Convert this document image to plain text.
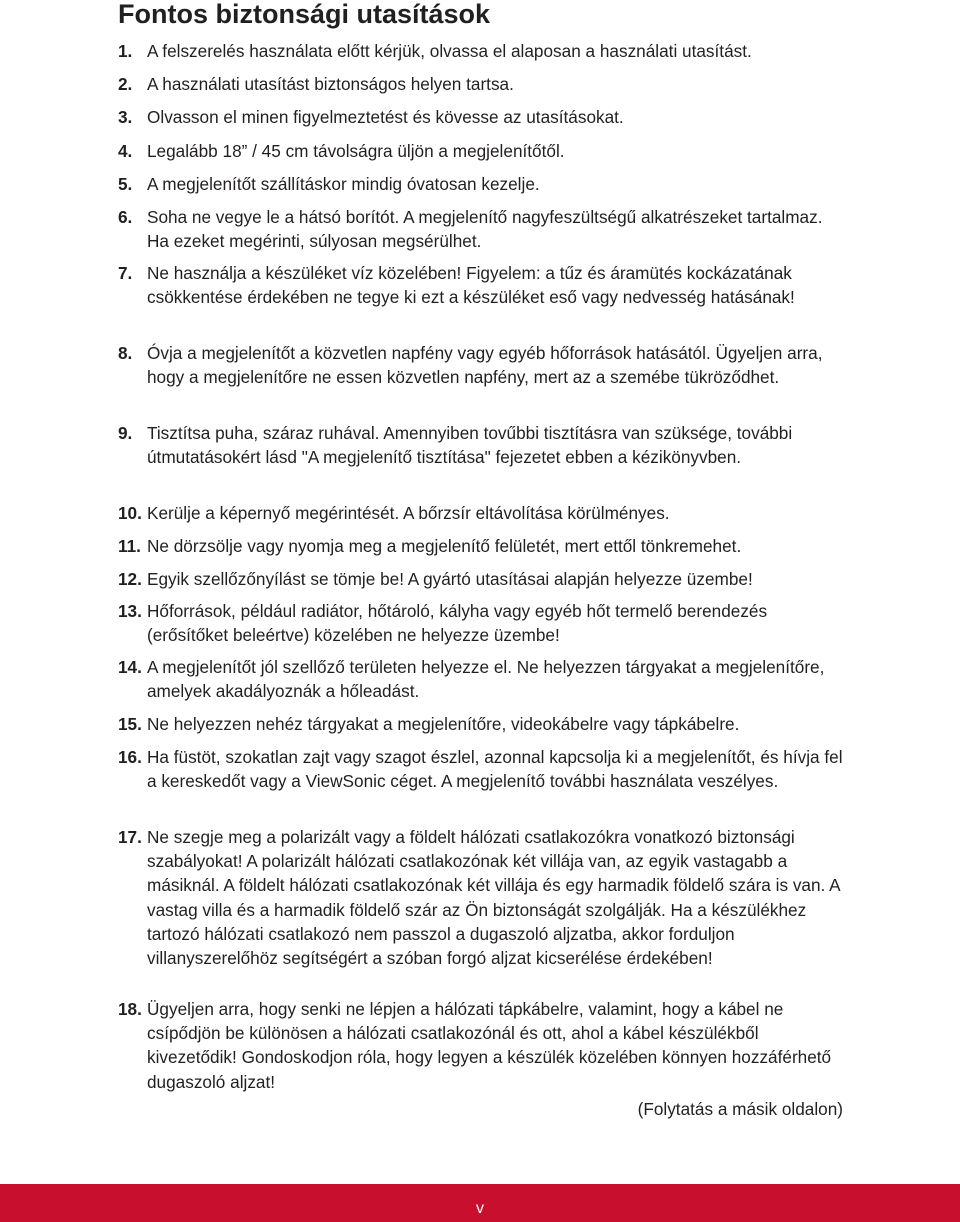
Fontos biztonsági utasítások
1. A felszerelés használata előtt kérjük, olvassa el alaposan a használati utasítást.
2. A használati utasítást biztonságos helyen tartsa.
3. Olvasson el minen figyelmeztetést és kövesse az utasításokat.
4. Legalább 18” / 45 cm távolságra üljön a megjelenítőtől.
5. A megjelenítőt szállításkor mindig óvatosan kezelje.
6. Soha ne vegye le a hátsó borítót. A megjelenítő nagyfeszültségű alkatrészeket tartalmaz. Ha ezeket megérinti, súlyosan megsérülhet.
7. Ne használja a készüléket víz közelében! Figyelem: a tűz és áramütés kockázatának csökkentése érdekében ne tegye ki ezt a készüléket eső vagy nedvesség hatásának!
8. Óvja a megjelenítőt a közvetlen napfény vagy egyéb hőforrások hatásától. Ügyeljen arra, hogy a megjelenítőre ne essen közvetlen napfény, mert az a szemébe tükröződhet.
9. Tisztítsa puha, száraz ruhával. Amennyiben tovűbbi tisztításra van szüksége, további útmutatásokért lásd "A megjelenítő tisztítása" fejezetet ebben a kézikönyvben.
10. Kerülje a képernyő megérintését. A bőrzsír eltávolítása körülményes.
11. Ne dörzsölje vagy nyomja meg a megjelenítő felületét, mert ettől tönkremehet.
12. Egyik szellőzőnyílást se tömje be! A gyártó utasításai alapján helyezze üzembe!
13. Hőforrások, például radiátor, hőtároló, kályha vagy egyéb hőt termelő berendezés (erősítőket beleértve) közelében ne helyezze üzembe!
14. A megjelenítőt jól szellőző területen helyezze el. Ne helyezzen tárgyakat a megjelenítőre, amelyek akadályoznák a hőleadást.
15. Ne helyezzen nehéz tárgyakat a megjelenítőre, videokábelre vagy tápkábelre.
16. Ha füstöt, szokatlan zajt vagy szagot észlel, azonnal kapcsolja ki a megjelenítőt, és hívja fel a kereskedőt vagy a ViewSonic céget. A megjelenítő további használata veszélyes.
17. Ne szegje meg a polarizált vagy a földelt hálózati csatlakozókra vonatkozó biztonsági szabályokat! A polarizált hálózati csatlakozónak két villája van, az egyik vastagabb a másiknál. A földelt hálózati csatlakozónak két villája és egy harmadik földelő szára is van. A vastag villa és a harmadik földelő szár az Ön biztonságát szolgálják. Ha a készülékhez tartozó hálózati csatlakozó nem passzol a dugaszoló aljzatba, akkor forduljon villanyszerelőhöz segítségért a szóban forgó aljzat kicserélése érdekében!
18. Ügyeljen arra, hogy senki ne lépjen a hálózati tápkábelre, valamint, hogy a kábel ne csípődjön be különösen a hálózati csatlakozónál és ott, ahol a kábel készülékből kivezetődik! Gondoskodjon róla, hogy legyen a készülék közelében könnyen hozzáférhető dugaszoló aljzat!
(Folytatás a másik oldalon)
v
